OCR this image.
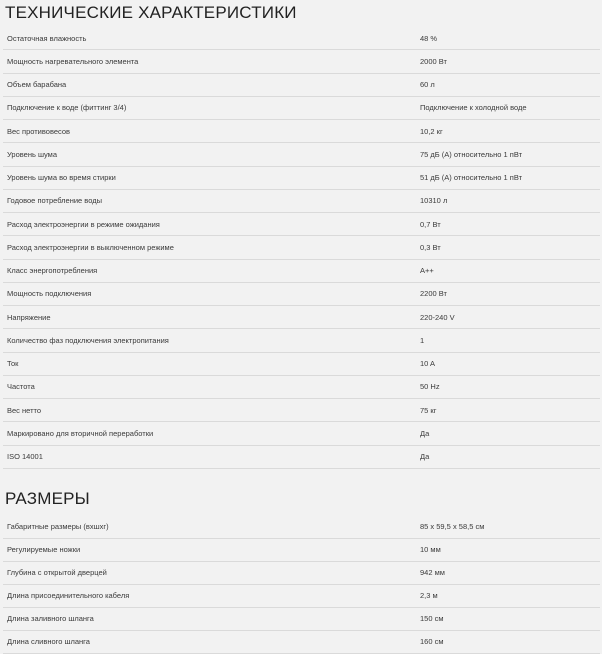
ТЕХНИЧЕСКИЕ ХАРАКТЕРИСТИКИ
Остаточная влажность	48 %
Мощность нагревательного элемента	2000 Вт
Объем барабана	60 л
Подключение к воде (фиттинг 3/4)	Подключение к холодной воде
Вес противовесов	10,2 кг
Уровень шума	75 дБ (A) относительно 1 пВт
Уровень шума во время стирки	51 дБ (A) относительно 1 пВт
Годовое потребление воды	10310 л
Расход электроэнергии в режиме ожидания	0,7 Вт
Расход электроэнергии в выключенном режиме	0,3 Вт
Класс энергопотребления	A++
Мощность подключения	2200 Вт
Напряжение	220-240 V
Количество фаз подключения электропитания	1
Ток	10 A
Частота	50 Hz
Вес нетто	75 кг
Маркировано для вторичной переработки	Да
ISO 14001	Да
РАЗМЕРЫ
Габаритные размеры (вхшхг)	85 x 59,5 x 58,5 см
Регулируемые ножки	10 мм
Глубина с открытой дверцей	942 мм
Длина присоединительного кабеля	2,3 м
Длина заливного шланга	150 см
Длина сливного шланга	160 см
